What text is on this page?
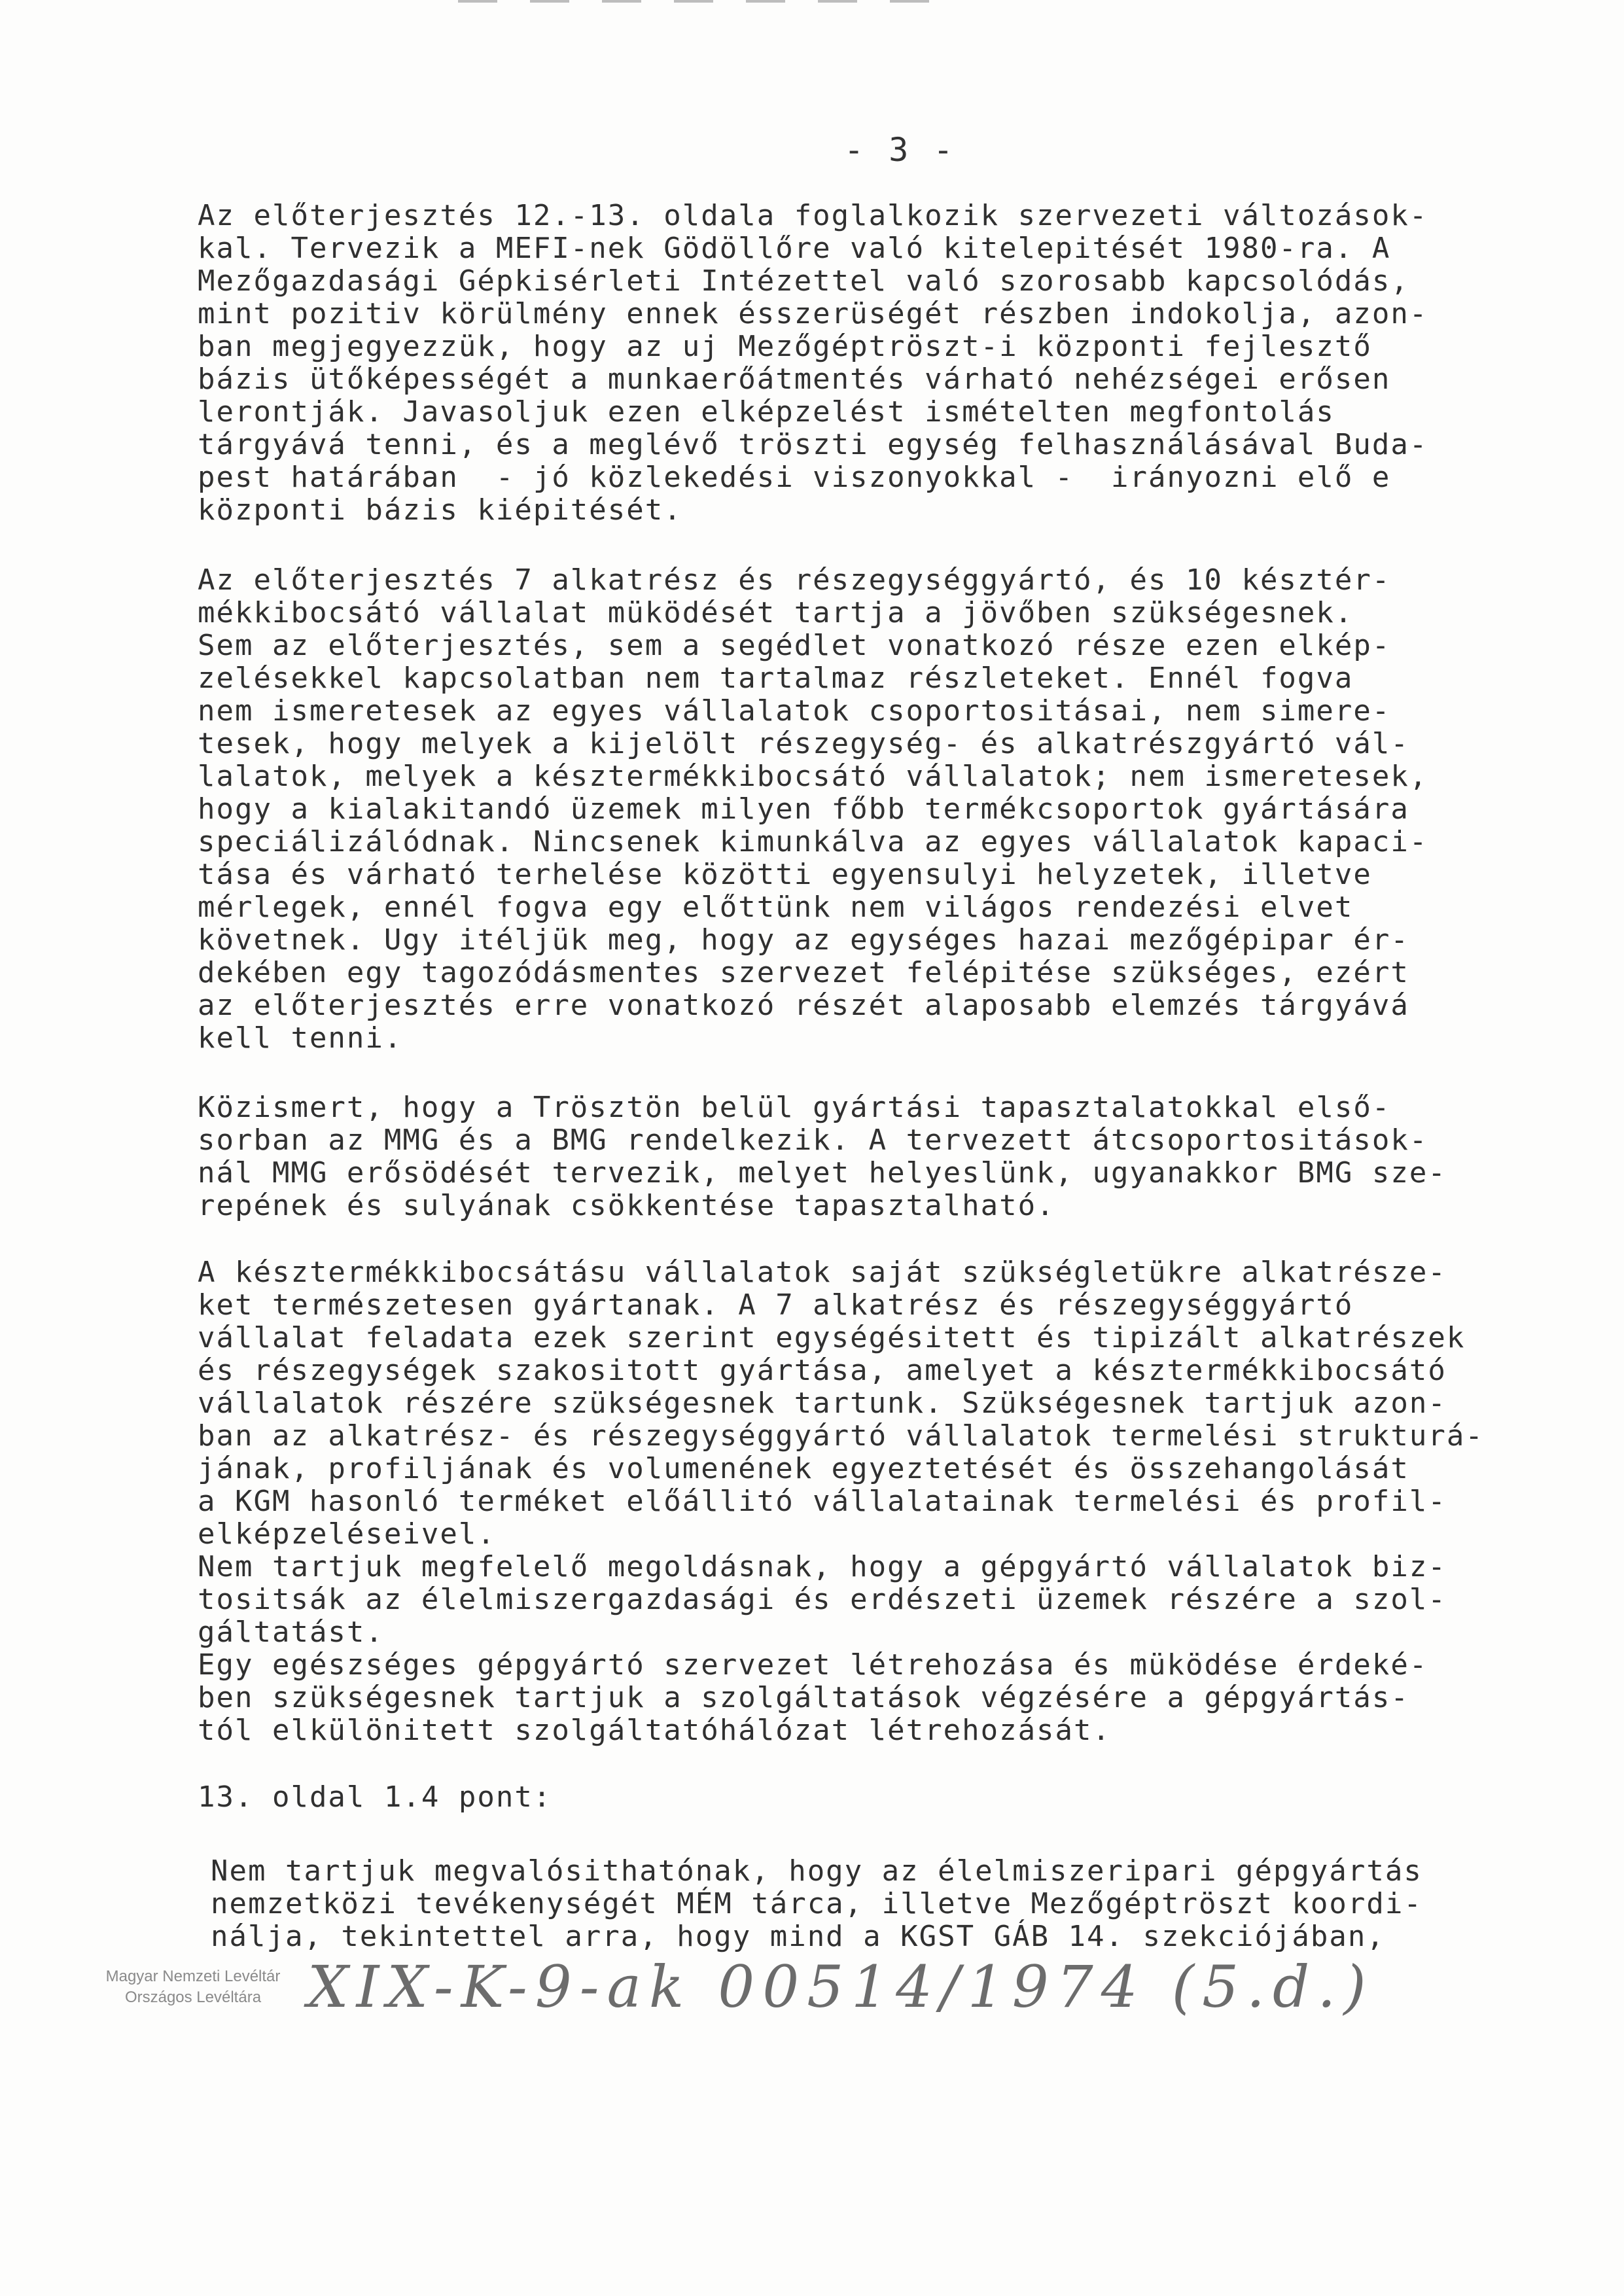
- 3 -
Az előterjesztés 12.-13. oldala foglalkozik szervezeti változások-
kal. Tervezik a MEFI-nek Gödöllőre való kitelepitését 1980-ra. A
Mezőgazdasági Gépkisérleti Intézettel való szorosabb kapcsolódás,
mint pozitiv körülmény ennek ésszerüségét részben indokolja, azon-
ban megjegyezzük, hogy az uj Mezőgéptröszt-i központi fejlesztő
bázis ütőképességét a munkaerőátmentés várható nehézségei erősen
lerontják. Javasoljuk ezen elképzelést ismételten megfontolás
tárgyává tenni, és a meglévő tröszti egység felhasználásával Buda-
pest határában  - jó közlekedési viszonyokkal -  irányozni elő e
központi bázis kiépitését.
Az előterjesztés 7 alkatrész és részegységgyártó, és 10 késztér-
mékkibocsátó vállalat müködését tartja a jövőben szükségesnek.
Sem az előterjesztés, sem a segédlet vonatkozó része ezen elkép-
zelésekkel kapcsolatban nem tartalmaz részleteket. Ennél fogva
nem ismeretesek az egyes vállalatok csoportositásai, nem simere-
tesek, hogy melyek a kijelölt részegység- és alkatrészgyártó vál-
lalatok, melyek a késztermékkibocsátó vállalatok; nem ismeretesek,
hogy a kialakitandó üzemek milyen főbb termékcsoportok gyártására
speciálizálódnak. Nincsenek kimunkálva az egyes vállalatok kapaci-
tása és várható terhelése közötti egyensulyi helyzetek, illetve
mérlegek, ennél fogva egy előttünk nem világos rendezési elvet
követnek. Ugy itéljük meg, hogy az egységes hazai mezőgépipar ér-
dekében egy tagozódásmentes szervezet felépitése szükséges, ezért
az előterjesztés erre vonatkozó részét alaposabb elemzés tárgyává
kell tenni.
Közismert, hogy a Trösztön belül gyártási tapasztalatokkal első-
sorban az MMG és a BMG rendelkezik. A tervezett átcsoportositások-
nál MMG erősödését tervezik, melyet helyeslünk, ugyanakkor BMG sze-
repének és sulyának csökkentése tapasztalható.
A késztermékkibocsátásu vállalatok saját szükségletükre alkatrésze-
ket természetesen gyártanak. A 7 alkatrész és részegységgyártó
vállalat feladata ezek szerint egységésitett és tipizált alkatrészek
és részegységek szakositott gyártása, amelyet a késztermékkibocsátó
vállalatok részére szükségesnek tartunk. Szükségesnek tartjuk azon-
ban az alkatrész- és részegységgyártó vállalatok termelési strukturá-
jának, profiljának és volumenének egyeztetését és összehangolását
a KGM hasonló terméket előállitó vállalatainak termelési és profil-
elképzeléseivel.
Nem tartjuk megfelelő megoldásnak, hogy a gépgyártó vállalatok biz-
tositsák az élelmiszergazdasági és erdészeti üzemek részére a szol-
gáltatást.
Egy egészséges gépgyártó szervezet létrehozása és müködése érdeké-
ben szükségesnek tartjuk a szolgáltatások végzésére a gépgyártás-
tól elkülönitett szolgáltatóhálózat létrehozását.
13. oldal 1.4 pont:
Nem tartjuk megvalósithatónak, hogy az élelmiszeripari gépgyártás
nemzetközi tevékenységét MÉM tárca, illetve Mezőgéptröszt koordi-
nálja, tekintettel arra, hogy mind a KGST GÁB 14. szekciójában,
Magyar Nemzeti Levéltár
Országos Levéltára XIX-K-9-ak 00514/1974 (5.d.)
